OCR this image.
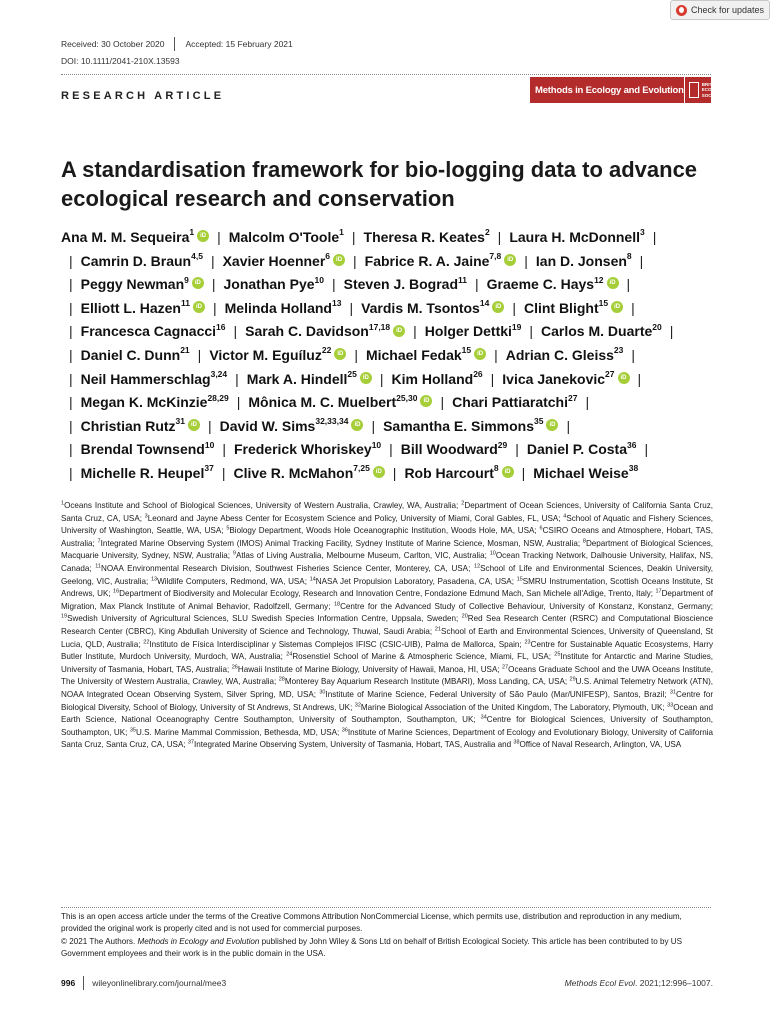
Check for updates
Received: 30 October 2020 Accepted: 15 February 2021
DOI: 10.1111/2041-210X.13593
RESEARCH ARTICLE	Methods in Ecology and Evolution
BRITISH
ECOLOGICAL
SOCIETY
A standardisation framework for bio-logging data to advance ecological research and conservation
Ana M. M. Sequeira$^1$ iD | Malcolm O'Toole$^1$ | Theresa R. Keates$^2$ | Laura H. McDonnell$^3$ |
| Camrin D. Braun$^{4,5}$ | Xavier Hoenner$^6$ iD | Fabrice R. A. Jaine$^{7,8}$ iD | Ian D. Jonsen$^8$ |
| Peggy Newman$^9$ iD | Jonathan Pye$^{10}$ | Steven J. Bograd$^{11}$ | Graeme C. Hays$^{12}$ iD |
| Elliott L. Hazen$^{11}$ iD | Melinda Holland$^{13}$ | Vardis M. Tsontos$^{14}$ iD | Clint Blight$^{15}$ iD |
| Francesca Cagnacci$^{16}$ | Sarah C. Davidson$^{17,18}$ iD | Holger Dettki$^{19}$ | Carlos M. Duarte$^{20}$ |
| Daniel C. Dunn$^{21}$ | Victor M. Eguíluz$^{22}$ iD | Michael Fedak$^{15}$ iD | Adrian C. Gleiss$^{23}$ |
| Neil Hammerschlag$^{3,24}$ | Mark A. Hindell$^{25}$ iD | Kim Holland$^{26}$ | Ivica Janekovic$^{27}$ iD |
| Megan K. McKinzie$^{28,29}$ | Mônica M. C. Muelbert$^{25,30}$ iD | Chari Pattiaratchi$^{27}$ |
| Christian Rutz$^{31}$ iD | David W. Sims$^{32,33,34}$ iD | Samantha E. Simmons$^{35}$ iD |
| Brendal Townsend$^{10}$ | Frederick Whoriskey$^{10}$ | Bill Woodward$^{29}$ | Daniel P. Costa$^{36}$ |
| Michelle R. Heupel$^{37}$ | Clive R. McMahon$^{7,25}$ iD | Rob Harcourt$^8$ iD | Michael Weise$^{38}$
$^1$Oceans Institute and School of Biological Sciences, University of Western Australia, Crawley, WA, Australia; $^2$Department of Ocean Sciences, University of California Santa Cruz, Santa Cruz, CA, USA; $^3$Leonard and Jayne Abess Center for Ecosystem Science and Policy, University of Miami, Coral Gables, FL, USA; $^4$School of Aquatic and Fishery Sciences, University of Washington, Seattle, WA, USA; $^5$Biology Department, Woods Hole Oceanographic Institution, Woods Hole, MA, USA; $^6$CSIRO Oceans and Atmosphere, Hobart, TAS, Australia; $^7$Integrated Marine Observing System (IMOS) Animal Tracking Facility, Sydney Institute of Marine Science, Mosman, NSW, Australia; $^8$Department of Biological Sciences, Macquarie University, Sydney, NSW, Australia; $^9$Atlas of Living Australia, Melbourne Museum, Carlton, VIC, Australia; $^{10}$Ocean Tracking Network, Dalhousie University, Halifax, NS, Canada; $^{11}$NOAA Environmental Research Division, Southwest Fisheries Science Center, Monterey, CA, USA; $^{12}$School of Life and Environmental Sciences, Deakin University, Geelong, VIC, Australia; $^{13}$Wildlife Computers, Redmond, WA, USA; $^{14}$NASA Jet Propulsion Laboratory, Pasadena, CA, USA; $^{15}$SMRU Instrumentation, Scottish Oceans Institute, St Andrews, UK; $^{16}$Department of Biodiversity and Molecular Ecology, Research and Innovation Centre, Fondazione Edmund Mach, San Michele all'Adige, Trento, Italy; $^{17}$Department of Migration, Max Planck Institute of Animal Behavior, Radolfzell, Germany; $^{18}$Centre for the Advanced Study of Collective Behaviour, University of Konstanz, Konstanz, Germany; $^{19}$Swedish University of Agricultural Sciences, SLU Swedish Species Information Centre, Uppsala, Sweden; $^{20}$Red Sea Research Center (RSRC) and Computational Bioscience Research Center (CBRC), King Abdullah University of Science and Technology, Thuwal, Saudi Arabia; $^{21}$School of Earth and Environmental Sciences, University of Queensland, St Lucia, QLD, Australia; $^{22}$Instituto de Física Interdisciplinar y Sistemas Complejos IFISC (CSIC-UIB), Palma de Mallorca, Spain; $^{23}$Centre for Sustainable Aquatic Ecosystems, Harry Butler Institute, Murdoch University, Murdoch, WA, Australia; $^{24}$Rosenstiel School of Marine & Atmospheric Science, Miami, FL, USA; $^{25}$Institute for Antarctic and Marine Studies, University of Tasmania, Hobart, TAS, Australia; $^{26}$Hawaii Institute of Marine Biology, University of Hawaii, Manoa, HI, USA; $^{27}$Oceans Graduate School and the UWA Oceans Institute, The University of Western Australia, Crawley, WA, Australia; $^{28}$Monterey Bay Aquarium Research Institute (MBARI), Moss Landing, CA, USA; $^{29}$U.S. Animal Telemetry Network (ATN), NOAA Integrated Ocean Observing System, Silver Spring, MD, USA; $^{30}$Institute of Marine Science, Federal University of São Paulo (Mar/UNIFESP), Santos, Brazil; $^{31}$Centre for Biological Diversity, School of Biology, University of St Andrews, St Andrews, UK; $^{32}$Marine Biological Association of the United Kingdom, The Laboratory, Plymouth, UK; $^{33}$Ocean and Earth Science, National Oceanography Centre Southampton, University of Southampton, Southampton, UK; $^{34}$Centre for Biological Sciences, University of Southampton, Southampton, UK; $^{35}$U.S. Marine Mammal Commission, Bethesda, MD, USA; $^{36}$Institute of Marine Sciences, Department of Ecology and Evolutionary Biology, University of California Santa Cruz, Santa Cruz, CA, USA; $^{37}$Integrated Marine Observing System, University of Tasmania, Hobart, TAS, Australia and $^{38}$Office of Naval Research, Arlington, VA, USA
This is an open access article under the terms of the Creative Commons Attribution NonCommercial License, which permits use, distribution and reproduction in any medium, provided the original work is properly cited and is not used for commercial purposes.
© 2021 The Authors. Methods in Ecology and Evolution published by John Wiley & Sons Ltd on behalf of British Ecological Society. This article has been contributed to by US Government employees and their work is in the public domain in the USA.
996 wileyonlinelibrary.com/journal/mee3	Methods Ecol Evol. 2021;12:996–1007.
